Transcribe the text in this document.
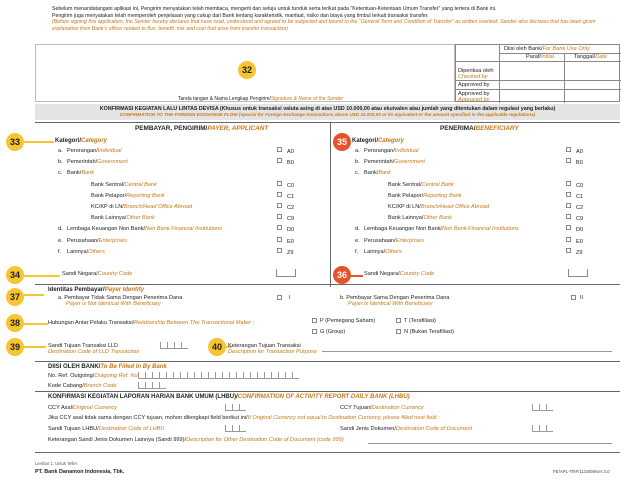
Sebelum menandatangani aplikasi ini, Pengirim menyatakan telah membaca, mengerti dan setuju untuk tunduk serta terikat pada "Ketentuan-Ketentuan Umum Transfer" yang tertera di Bank ini.
Pengirim juga menyatakan telah memperoleh penjelasan yang cukup dari Bank tentang karakteristik, manfaat, risiko dan biaya yang timbul terkait transaksi transfer.
(Before signing this application, the Sender hereby declares that have read, understood and agreed to be subjected and bound to the "General Term and Condition of Transfer" as written overleaf. Sender also declares that has been given explanation from Bank's officer related to flux, benefit, risk and cost that arise from transfer transaction)
32
Tanda tangan & Nama Lengkap Pengirim/Signature & Name of the Sender
Diisi oleh Bank/For Bank Use Only
Paraf/Initial	Tanggal/Date
Diperiksa oleh
Checked by
Approved by
Approved by
Approved by
KONFIRMASI KEGIATAN LALU LINTAS DEVISA (Khusus untuk transaksi valuta asing di atas USD 10.000,00 atau ekuivalen atau jumlah yang ditentukan dalam regulasi yang berlaku)
CONFIRMATION TO THE FOREIGN EXCHANGE FLOW (Special for Foreign Exchange transactions above USD 10.000,00 or its equivalent or the amount specified in the applicable regulations)
PEMBAYAR, PENGIRIM/PAYER, APPLICANT	PENERIMA/BENEFICIARY
33	Kategori/Category
a. Perorangan/Individual	A0
b. Pemerintah/Government	B0
c. Bank/Bank
Bank Sentral/Central Bank	C0
Bank Pelapor/Reporting Bank	C1
KC/KP di LN/Branch/Head Office Abroad	C2
Bank Lainnya/Other Bank	C9
d. Lembaga Keuangan Non Bank/Non Bank Financial Institutions	D0
e. Perusahaan/Enterprises	E0
f. Lainnya/Others	Z9
34	Sandi Negara/Country Code
35 Kategori/Category
a. Perorangan/Individual	A0
b. Pemerintah/Government	B0
c. Bank/Bank
Bank Sentral/Central Bank	C0
Bank Pelapor/Reporting Bank	C1
KC/KP di LN/Branch/Head Office Abroad	C2
Bank Lainnya/Other Bank	C9
d. Lembaga Keuangan Non Bank/Non Bank Financial Institutions	D0
e. Perusahaan/Enterprises	E0
f. Lainnya/Others	Z9
36	Sandi Negara/Country Code
37
Identitas Pembayar/Payer Identity
a. Pembayar Tidak Sama Dengan Penerima Dana
Payer is Not Identical With Beneficiary
I	b. Pembayar Sama Dengan Penerima Dana
Payer is Identical With Beneficiary
II
38	Hubungan Antar Pelaku Transaksi/Relationship Between The Transactional Maker :	P (Pemegang Saham)	T (Terafiliasi)
G (Group)	N (Bukan Terafiliasi)
39	Sandi Tujuan Transaksi LLD
Destination Code of LLD Transaction
40	Keterangan Tujuan Transaksi
Description for Transaction Purpose
DIISI OLEH BANK/To Be Filled In By Bank
No. Ref. Outgoing/Outgoing Ref. No.
Kode Cabang/Branch Code
KONFIRMASI KEGIATAN LAPORAN HARIAN BANK UMUM (LHBU)/CONFIRMATION OF ACTIVITY REPORT DAILY BANK (LHBU)
CCY Asal/Original Currency	CCY Tujuan/Destination Currency
Jika CCY asal tidak sama dengan CCY tujuan, mohon dilengkapi field berikut ini/If Original Currency not equal to Destination Currency, please filled next field :
Sandi Tujuan LHBU/Destination Code of LHBU	Sandi Jenis Dokumen/Destination Code of Document
Keterangan Sandi Jenis Dokumen Lainnya (Sandi 999)/Description for Other Destination Code of Document (code 999)
Lembar 1: Untuk Teller
PT. Bank Danamon Indonesia, Tbk.	FE/APL-TRF/11/2008/ver 3.0
